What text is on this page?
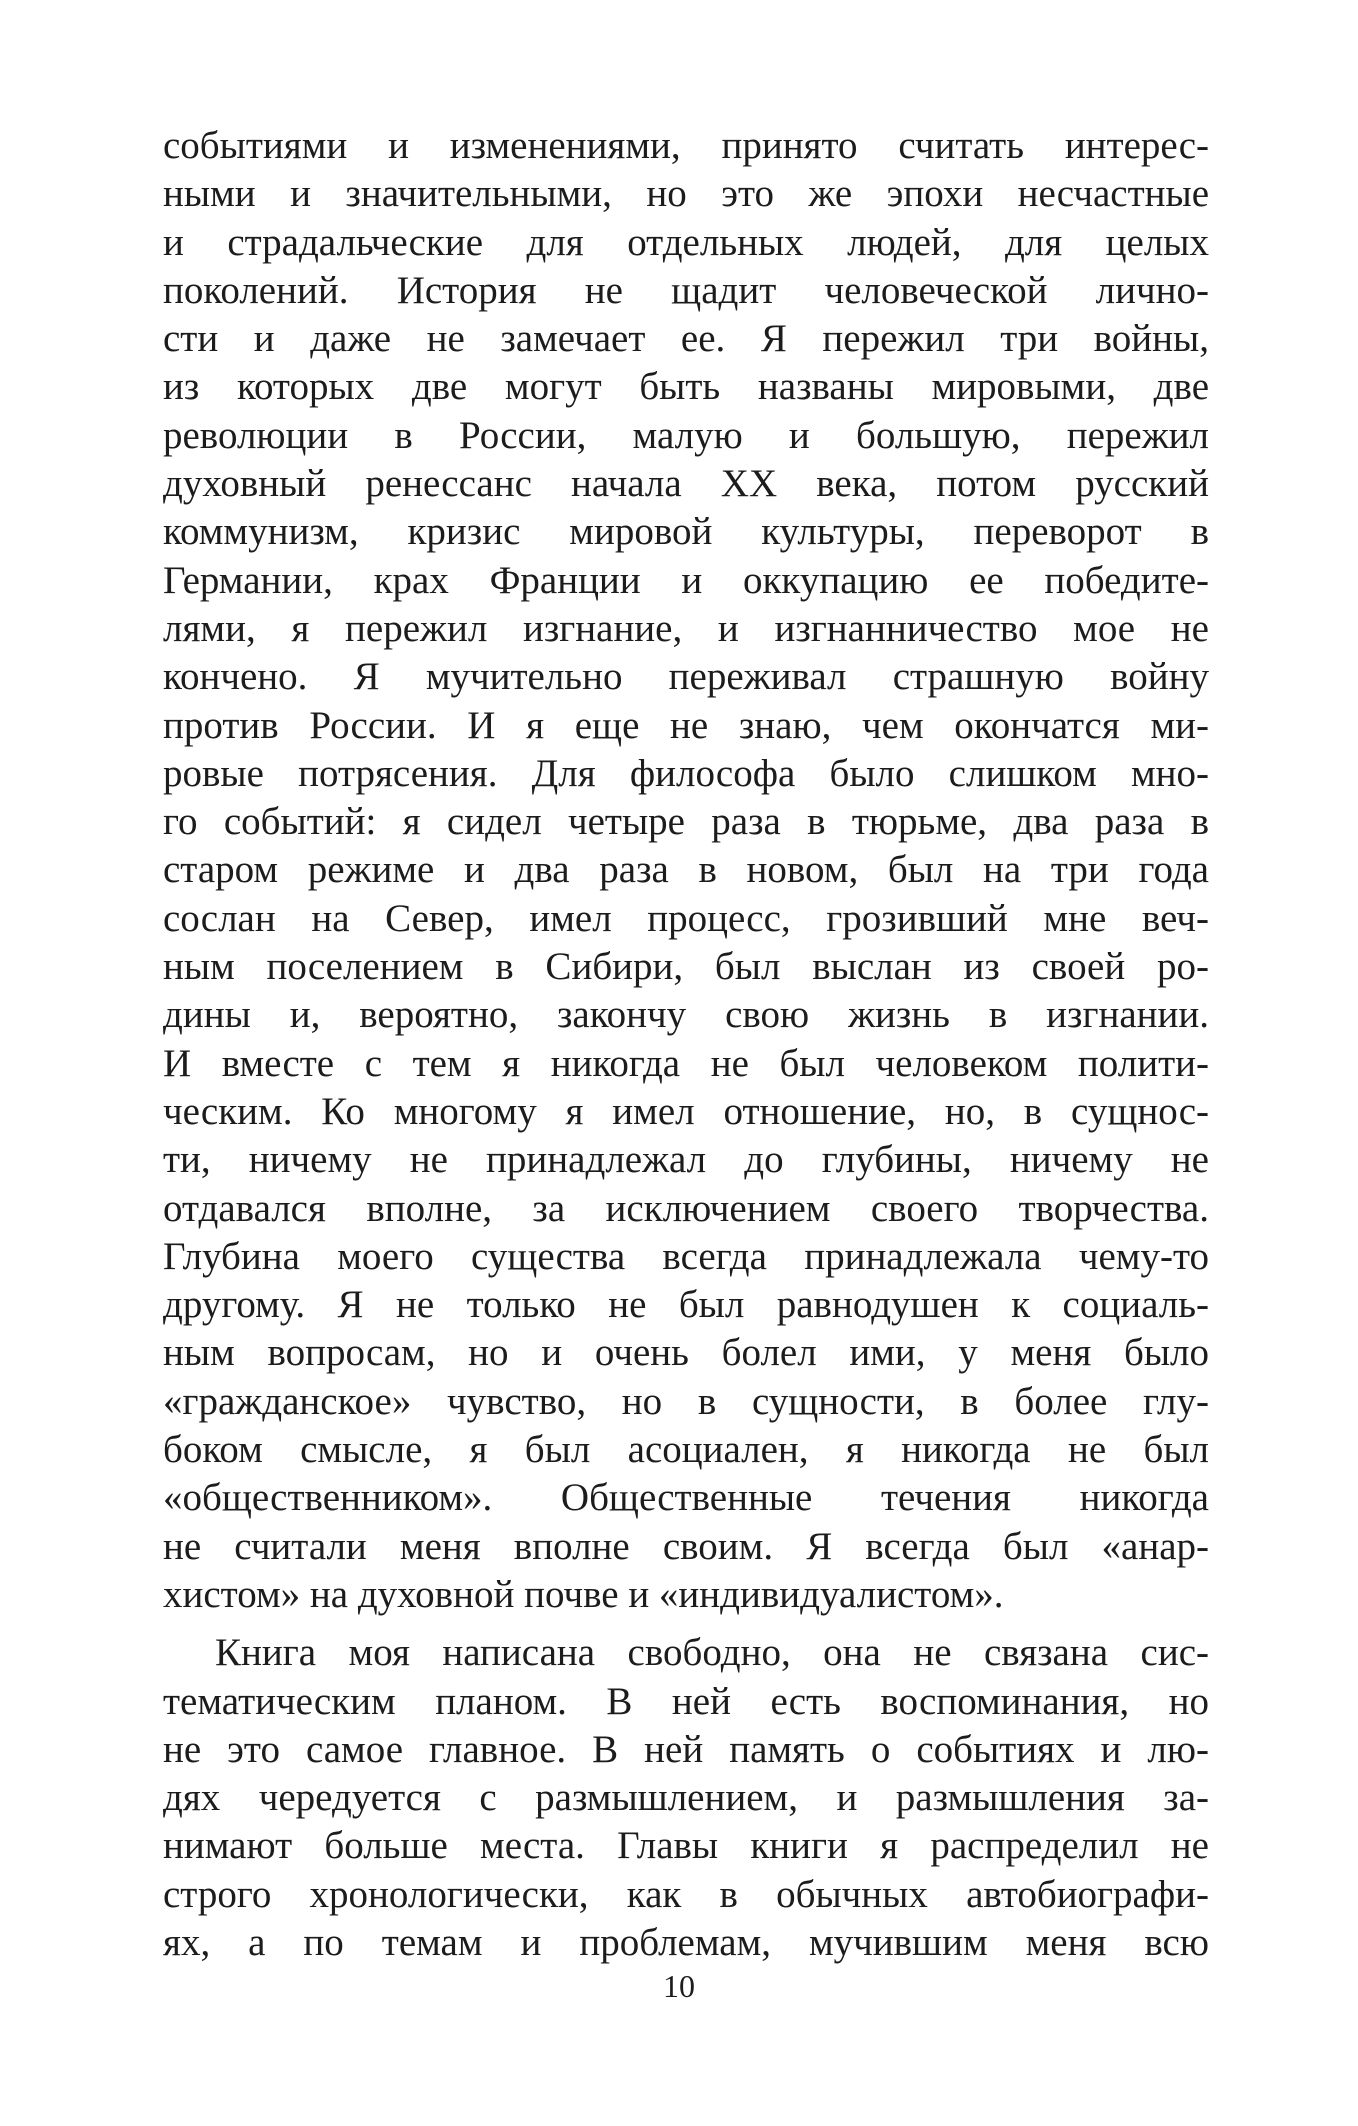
событиями и изменениями, принято считать интерес-
ными и значительными, но это же эпохи несчастные
и страдальческие для отдельных людей, для целых
поколений. История не щадит человеческой лично-
сти и даже не замечает ее. Я пережил три войны,
из которых две могут быть названы мировыми, две
революции в России, малую и большую, пережил
духовный ренессанс начала XX века, потом русский
коммунизм, кризис мировой культуры, переворот в
Германии, крах Франции и оккупацию ее победите-
лями, я пережил изгнание, и изгнанничество мое не
кончено. Я мучительно переживал страшную войну
против России. И я еще не знаю, чем окончатся ми-
ровые потрясения. Для философа было слишком мно-
го событий: я сидел четыре раза в тюрьме, два раза в
старом режиме и два раза в новом, был на три года
сослан на Север, имел процесс, грозивший мне веч-
ным поселением в Сибири, был выслан из своей ро-
дины и, вероятно, закончу свою жизнь в изгнании.
И вместе с тем я никогда не был человеком полити-
ческим. Ко многому я имел отношение, но, в сущнос-
ти, ничему не принадлежал до глубины, ничему не
отдавался вполне, за исключением своего творчества.
Глубина моего существа всегда принадлежала чему-то
другому. Я не только не был равнодушен к социаль-
ным вопросам, но и очень болел ими, у меня было
«гражданское» чувство, но в сущности, в более глу-
боком смысле, я был асоциален, я никогда не был
«общественником». Общественные течения никогда
не считали меня вполне своим. Я всегда был «анар-
хистом» на духовной почве и «индивидуалистом».
Книга моя написана свободно, она не связана сис-
тематическим планом. В ней есть воспоминания, но
не это самое главное. В ней память о событиях и лю-
дях чередуется с размышлением, и размышления за-
нимают больше места. Главы книги я распределил не
строго хронологически, как в обычных автобиографи-
ях, а по темам и проблемам, мучившим меня всю
10
